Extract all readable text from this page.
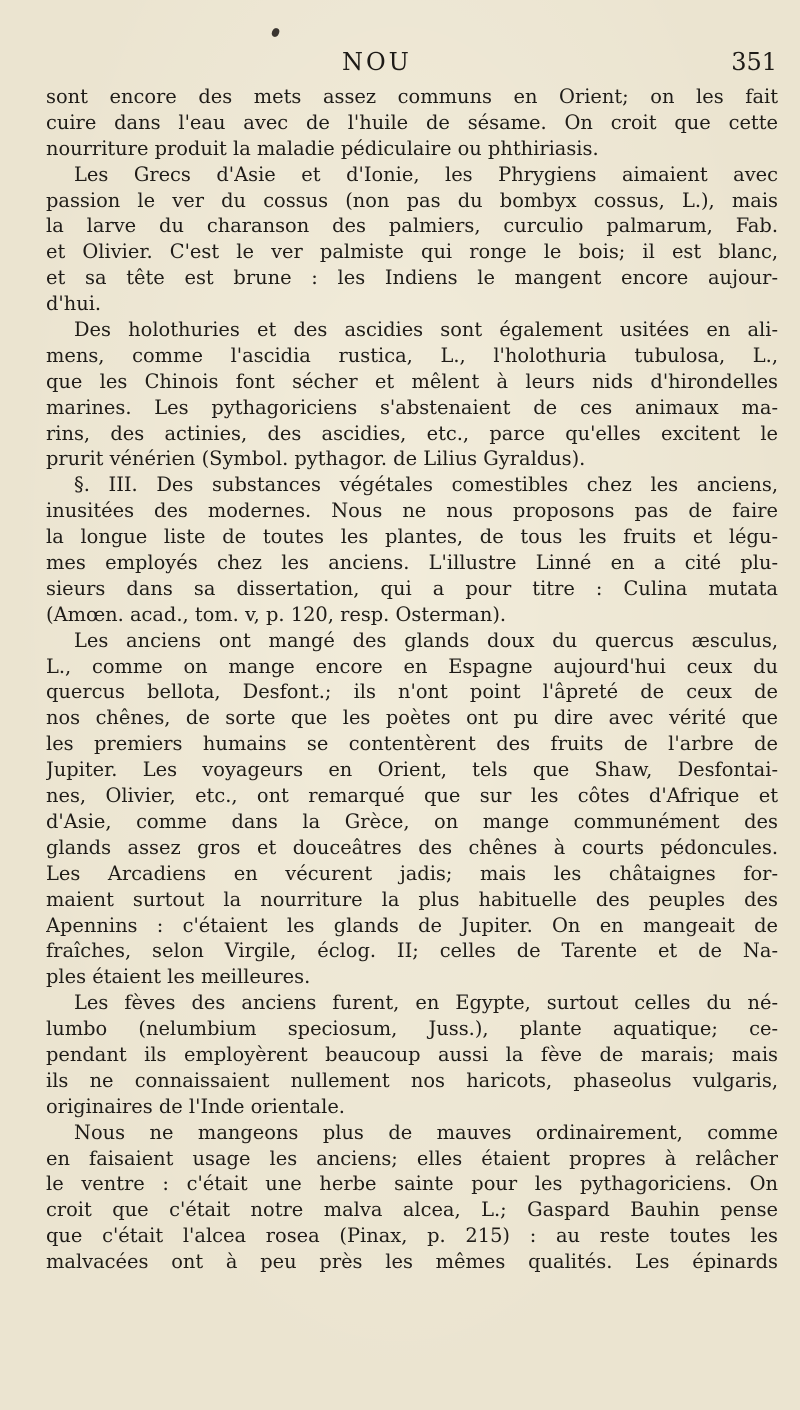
NOU	351
sont encore des mets assez communs en Orient; on les fait
cuire dans l'eau avec de l'huile de sésame. On croit que cette
nourriture produit la maladie pédiculaire ou phthiriasis.
Les Grecs d'Asie et d'Ionie, les Phrygiens aimaient avec
passion le ver du cossus (non pas du bombyx cossus, L.), mais
la larve du charanson des palmiers, curculio palmarum, Fab.
et Olivier. C'est le ver palmiste qui ronge le bois; il est blanc,
et sa tête est brune : les Indiens le mangent encore aujour-
d'hui.
Des holothuries et des ascidies sont également usitées en ali-
mens, comme l'ascidia rustica, L., l'holothuria tubulosa, L.,
que les Chinois font sécher et mêlent à leurs nids d'hirondelles
marines. Les pythagoriciens s'abstenaient de ces animaux ma-
rins, des actinies, des ascidies, etc., parce qu'elles excitent le
prurit vénérien (Symbol. pythagor. de Lilius Gyraldus).
§. III. Des substances végétales comestibles chez les anciens,
inusitées des modernes. Nous ne nous proposons pas de faire
la longue liste de toutes les plantes, de tous les fruits et légu-
mes employés chez les anciens. L'illustre Linné en a cité plu-
sieurs dans sa dissertation, qui a pour titre : Culina mutata
(Amœn. acad., tom. v, p. 120, resp. Osterman).
Les anciens ont mangé des glands doux du quercus æsculus,
L., comme on mange encore en Espagne aujourd'hui ceux du
quercus bellota, Desfont.; ils n'ont point l'âpreté de ceux de
nos chênes, de sorte que les poètes ont pu dire avec vérité que
les premiers humains se contentèrent des fruits de l'arbre de
Jupiter. Les voyageurs en Orient, tels que Shaw, Desfontai-
nes, Olivier, etc., ont remarqué que sur les côtes d'Afrique et
d'Asie, comme dans la Grèce, on mange communément des
glands assez gros et douceâtres des chênes à courts pédoncules.
Les Arcadiens en vécurent jadis; mais les châtaignes for-
maient surtout la nourriture la plus habituelle des peuples des
Apennins : c'étaient les glands de Jupiter. On en mangeait de
fraîches, selon Virgile, éclog. II; celles de Tarente et de Na-
ples étaient les meilleures.
Les fèves des anciens furent, en Egypte, surtout celles du né-
lumbo (nelumbium speciosum, Juss.), plante aquatique; ce-
pendant ils employèrent beaucoup aussi la fève de marais; mais
ils ne connaissaient nullement nos haricots, phaseolus vulgaris,
originaires de l'Inde orientale.
Nous ne mangeons plus de mauves ordinairement, comme
en faisaient usage les anciens; elles étaient propres à relâcher
le ventre : c'était une herbe sainte pour les pythagoriciens. On
croit que c'était notre malva alcea, L.; Gaspard Bauhin pense
que c'était l'alcea rosea (Pinax, p. 215) : au reste toutes les
malvacées ont à peu près les mêmes qualités. Les épinards
